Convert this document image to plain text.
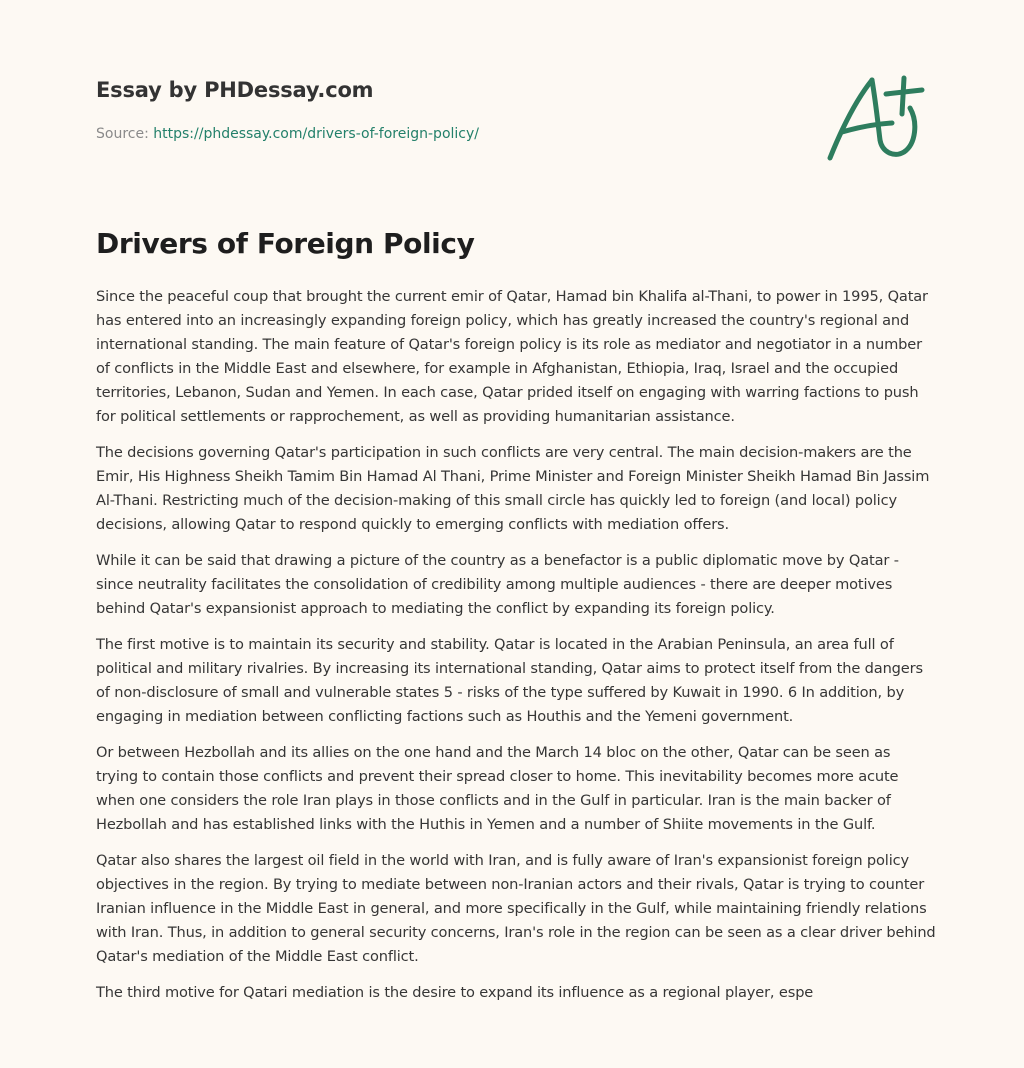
Essay by PHDessay.com
Source: https://phdessay.com/drivers-of-foreign-policy/
Drivers of Foreign Policy

Since the peaceful coup that brought the current emir of Qatar, Hamad bin Khalifa al-Thani, to power in 1995, Qatar has entered into an increasingly expanding foreign policy, which has greatly increased the country's regional and international standing. The main feature of Qatar's foreign policy is its role as mediator and negotiator in a number of conflicts in the Middle East and elsewhere, for example in Afghanistan, Ethiopia, Iraq, Israel and the occupied territories, Lebanon, Sudan and Yemen. In each case, Qatar prided itself on engaging with warring factions to push for political settlements or rapprochement, as well as providing humanitarian assistance.

The decisions governing Qatar's participation in such conflicts are very central. The main decision-makers are the Emir, His Highness Sheikh Tamim Bin Hamad Al Thani, Prime Minister and Foreign Minister Sheikh Hamad Bin Jassim Al-Thani. Restricting much of the decision-making of this small circle has quickly led to foreign (and local) policy decisions, allowing Qatar to respond quickly to emerging conflicts with mediation offers.

While it can be said that drawing a picture of the country as a benefactor is a public diplomatic move by Qatar - since neutrality facilitates the consolidation of credibility among multiple audiences - there are deeper motives behind Qatar's expansionist approach to mediating the conflict by expanding its foreign policy.

The first motive is to maintain its security and stability. Qatar is located in the Arabian Peninsula, an area full of political and military rivalries. By increasing its international standing, Qatar aims to protect itself from the dangers of non-disclosure of small and vulnerable states 5 - risks of the type suffered by Kuwait in 1990. 6 In addition, by engaging in mediation between conflicting factions such as Houthis and the Yemeni government.

Or between Hezbollah and its allies on the one hand and the March 14 bloc on the other, Qatar can be seen as trying to contain those conflicts and prevent their spread closer to home. This inevitability becomes more acute when one considers the role Iran plays in those conflicts and in the Gulf in particular. Iran is the main backer of Hezbollah and has established links with the Huthis in Yemen and a number of Shiite movements in the Gulf.

Qatar also shares the largest oil field in the world with Iran, and is fully aware of Iran's expansionist foreign policy objectives in the region. By trying to mediate between non-Iranian actors and their rivals, Qatar is trying to counter Iranian influence in the Middle East in general, and more specifically in the Gulf, while maintaining friendly relations with Iran. Thus, in addition to general security concerns, Iran's role in the region can be seen as a clear driver behind Qatar's mediation of the Middle East conflict.

The third motive for Qatari mediation is the desire to expand its influence as a regional player, espe
